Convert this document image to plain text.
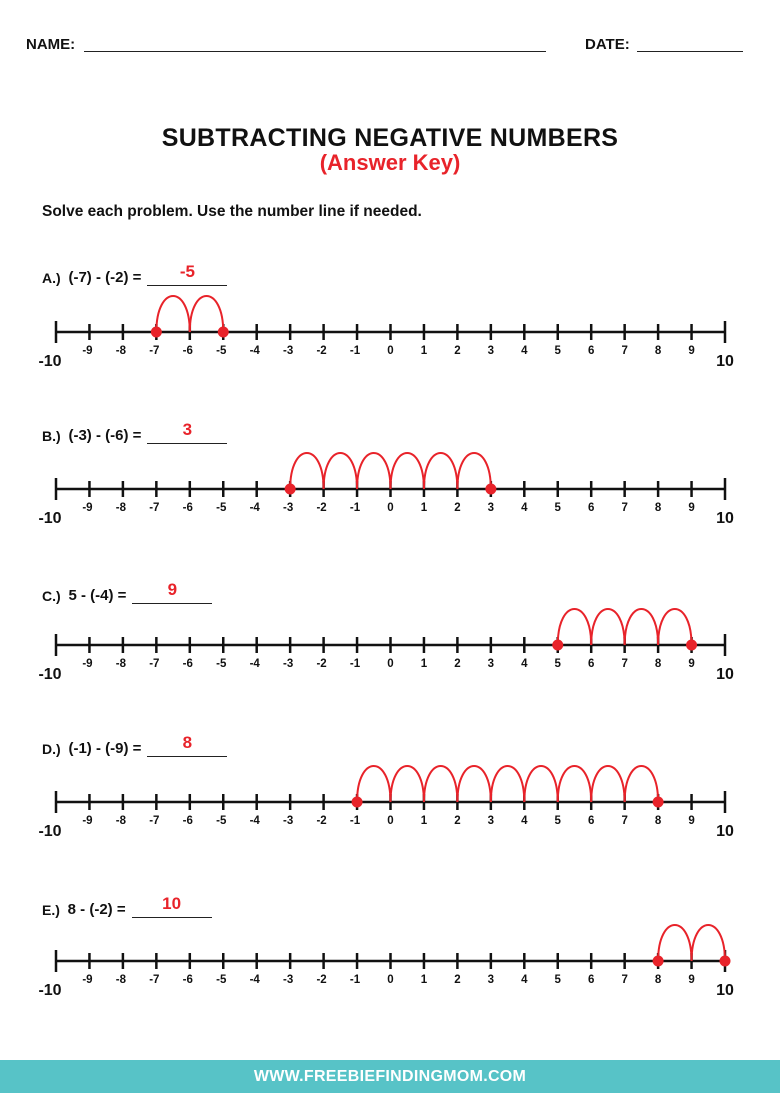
NAME:	DATE:
SUBTRACTING NEGATIVE NUMBERS
(Answer Key)
Solve each problem. Use the number line if needed.
A.)
(-7) - (-2) =	-5
-10
-9 -8 -7 -6 -5 -4 -3 -2 -1 0 1 2 3 4 5 6 7 8 9
10
B.)
(-3) - (-6) =	3
-10
-9 -8 -7 -6 -5 -4 -3 -2 -1 0 1 2 3 4 5 6 7 8 9
10
C.)
5 - (-4) =	9
-10
-9 -8 -7 -6 -5 -4 -3 -2 -1 0 1 2 3 4 5 6 7 8 9
10
D.)
(-1) - (-9) =	8
-10
-9 -8 -7 -6 -5 -4 -3 -2 -1 0 1 2 3 4 5 6 7 8 9
10
E.)
8 - (-2) =	10
-10
-9 -8 -7 -6 -5 -4 -3 -2 -1 0 1 2 3 4 5 6 7 8 9
10
WWW.FREEBIEFINDINGMOM.COM
